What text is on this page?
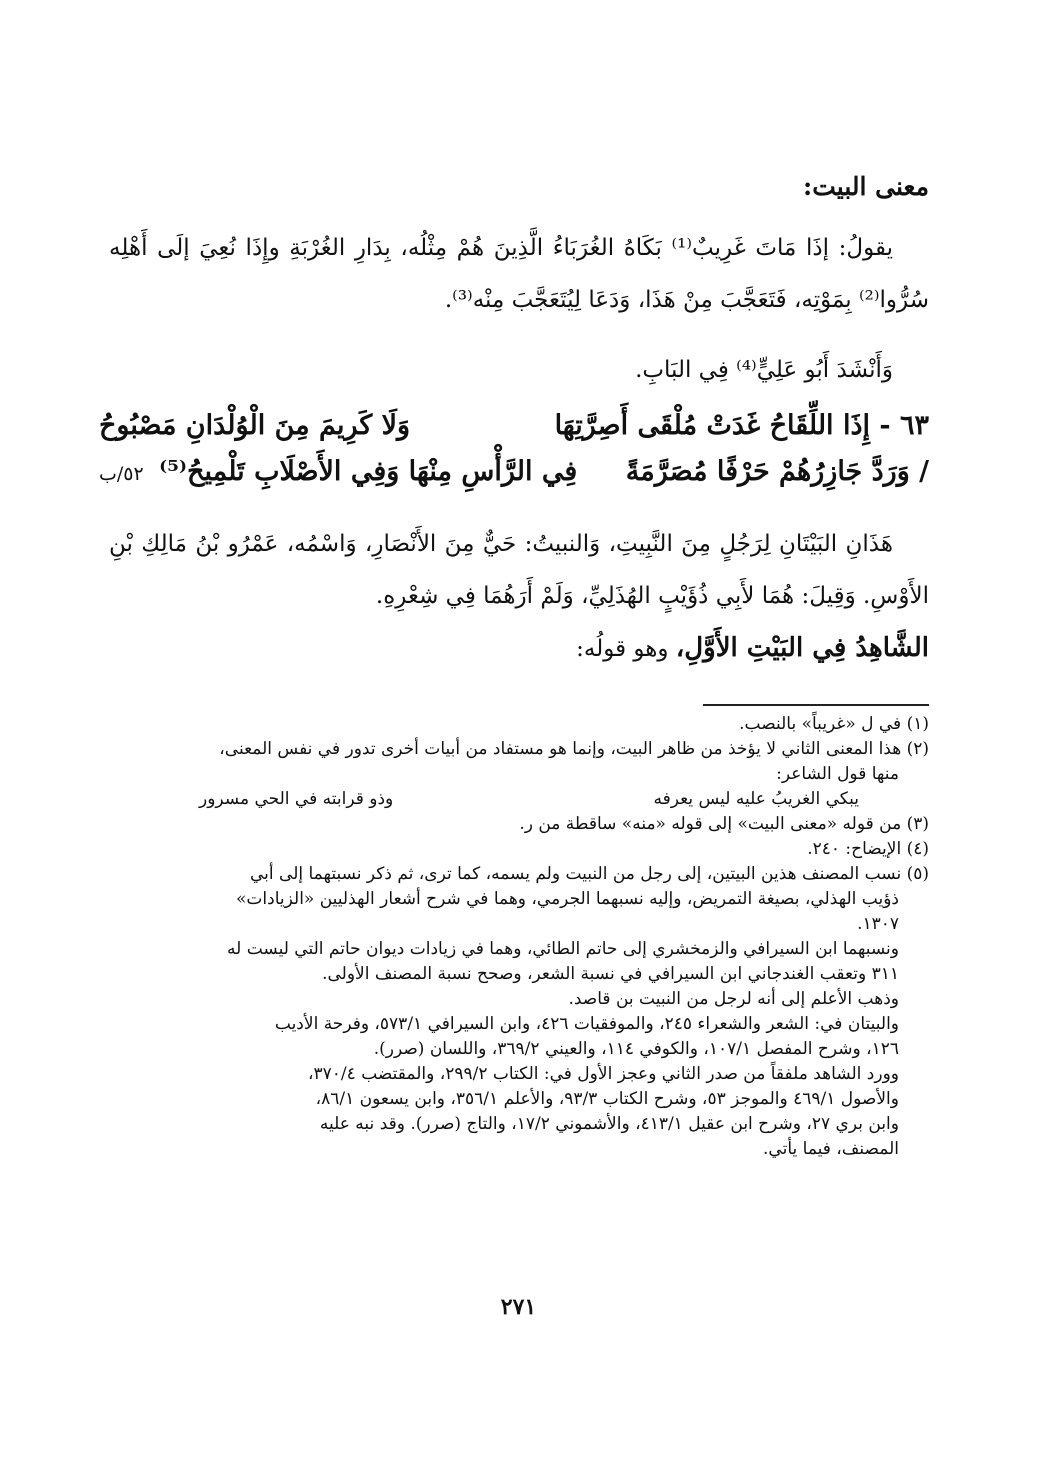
معنى البيت:
يقولُ: إذَا مَاتَ غَرِيبٌ⁽¹⁾ بَكَاهُ الغُرَبَاءُ الَّذِينَ هُمْ مِثْلُه، بِدَارِ الغُرْبَةِ وإِذَا نُعِيَ إلَى أَهْلِه سُرُّوا⁽²⁾ بِمَوْتِه، فَتَعَجَّبَ مِنْ هَذَا، وَدَعَا لِيُتَعَجَّبَ مِنْه⁽³⁾.
وَأَنْشَدَ أَبُو عَلِيٍّ⁽⁴⁾ فِي البَابِ.
٦٣ - إِذَا اللِّقَاحُ غَدَتْ مُلْقَى أَصِرَّتِهَا
وَلَا كَرِيمَ مِنَ الْوُلْدَانِ مَصْبُوحُ
/ وَرَدَّ جَازِرُهُمْ حَرْفًا مُصَرَّمَةً
فِي الرَّأْسِ مِنْهَا وَفِي الأَصْلَابِ تَلْمِيحُ⁽⁵⁾ ٥٢/ب
هَذَانِ البَيْتَانِ لِرَجُلٍ مِنَ النَّبِيتِ، وَالنبيتُ: حَيٌّ مِنَ الأَنْصَارِ، وَاسْمُه، عَمْرُو بْنُ مَالِكِ بْنِ الأَوْسِ. وَقِيلَ: هُمَا لأَبِي ذُؤَيْبٍ الهُذَلِيِّ، وَلَمْ أَرَهُمَا فِي شِعْرِهِ.
الشَّاهِدُ فِي البَيْتِ الأَوَّلِ، وهو قولُه:

(١) في ل «غريباً» بالنصب.

(٢) هذا المعنى الثاني لا يؤخذ من ظاهر البيت، وإنما هو مستفاد من أبيات أخرى تدور في نفس المعنى،
منها قول الشاعر:

يبكي الغريبُ عليه ليس يعرفه
وذو قرابته في الحي مسرور

(٣) من قوله «معنى البيت» إلى قوله «منه» ساقطة من ر.

(٤) الإيضاح: ٢٤٠.

(٥) نسب المصنف هذين البيتين، إلى رجل من النبيت ولم يسمه، كما ترى، ثم ذكر نسبتهما إلى أبي
ذؤيب الهذلي، بصيغة التمريض، وإليه نسبهما الجرمي، وهما في شرح أشعار الهذليين «الزيادات»
١٣٠٧.

ونسبهما ابن السيرافي والزمخشري إلى حاتم الطائي، وهما في زيادات ديوان حاتم التي ليست له
٣١١ وتعقب الغندجاني ابن السيرافي في نسبة الشعر، وصحح نسبة المصنف الأولى.

وذهب الأعلم إلى أنه لرجل من النبيت بن قاصد.

والبيتان في: الشعر والشعراء ٢٤٥، والموفقيات ٤٢٦، وابن السيرافي ٥٧٣/١، وفرحة الأديب
١٢٦، وشرح المفصل ١٠٧/١، والكوفي ١١٤، والعيني ٣٦٩/٢، واللسان (صرر).

وورد الشاهد ملفقاً من صدر الثاني وعجز الأول في: الكتاب ٢٩٩/٢، والمقتضب ٣٧٠/٤،
والأصول ٤٦٩/١ والموجز ٥٣، وشرح الكتاب ٩٣/٣، والأعلم ٣٥٦/١، وابن يسعون ٨٦/١،
وابن بري ٢٧، وشرح ابن عقيل ٤١٣/١، والأشموني ١٧/٢، والتاج (صرر). وقد نبه عليه
المصنف، فيما يأتي.

٢٧١
